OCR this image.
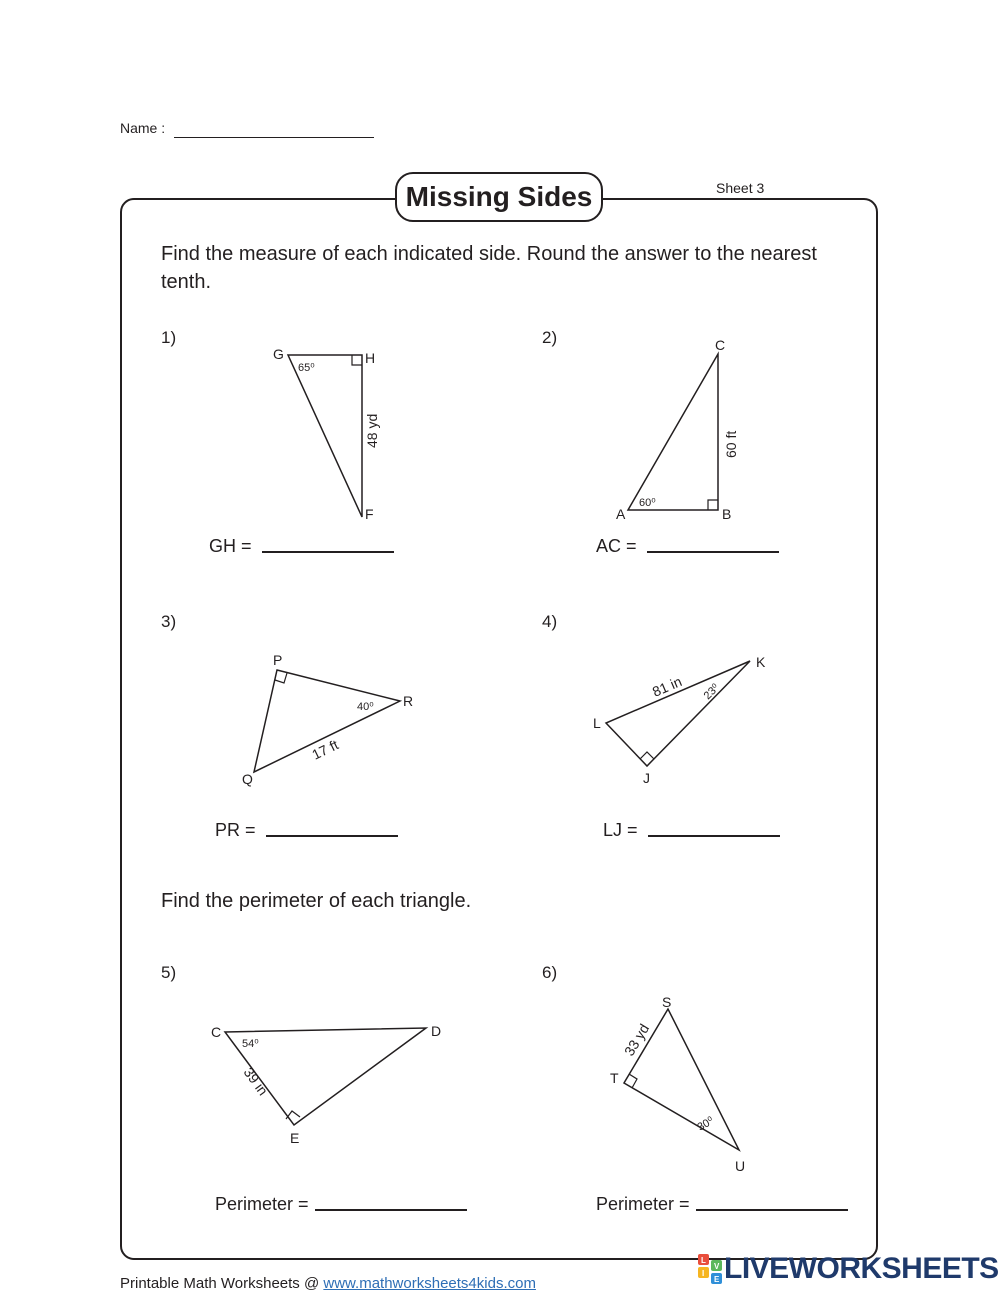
Name :
Missing Sides	Sheet 3
Find the measure of each indicated side. Round the answer to the nearest tenth.
1)
G	H
F
65⁰
48 yd
GH =
2)	C
A	B
60⁰
60 ft
AC =
3)
P
R
Q
40⁰
17 ft
PR =
4)
K
L
J
23⁰
81 in
LJ =
Find the perimeter of each triangle.
5)
C	D
E
54⁰
39 in
Perimeter =
6)
S
T
U
30⁰
33 yd
Perimeter =
Printable Math Worksheets @ www.mathworksheets4kids.com
L
I
V
E LIVEWORKSHEETS
